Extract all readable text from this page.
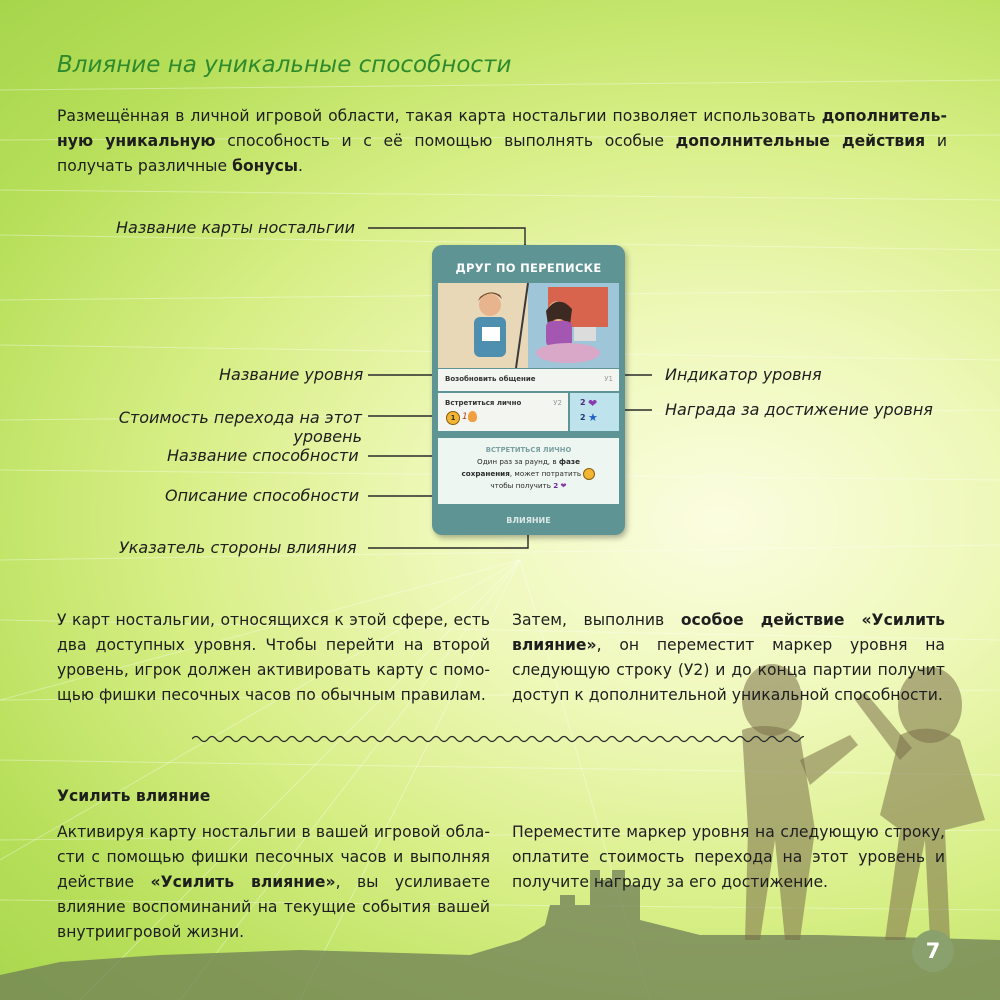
Влияние на уникальные способности

Размещённая в личной игровой области, такая карта ностальгии позволяет использовать дополнительную уникальную способность и с её помощью выполнять особые дополнительные действия и получать различные бонусы.

Название карты ностальгии
Название уровня
Стоимость перехода на этот уровень
Название способности
Описание способности
Указатель стороны влияния
Индикатор уровня
Награда за достижение уровня
ДРУГ ПО ПЕРЕПИСКЕ
Возобновить общение	У1
Встретиться лично	У2
1 1
2 ❤
2 ★
ВСТРЕТИТЬСЯ ЛИЧНО
Один раз за раунд, в фазе
сохранения, может потратить
чтобы получить 2 ❤
ВЛИЯНИЕ

У карт ностальгии, относящихся к этой сфере, есть два доступных уровня. Чтобы перейти на второй уровень, игрок должен активировать карту с помощью фишки песочных часов по обычным правилам.

Затем, выполнив особое действие «Усилить влияние», он переместит маркер уровня на следующую строку (У2) и до конца партии получит доступ к дополнительной уникальной способности.

Усилить влияние

Активируя карту ностальгии в вашей игровой области с помощью фишки песочных часов и выполняя действие «Усилить влияние», вы усиливаете влияние воспоминаний на текущие события вашей внутриигровой жизни.

Переместите маркер уровня на следующую строку, оплатите стоимость перехода на этот уровень и получите награду за его достижение.

7
